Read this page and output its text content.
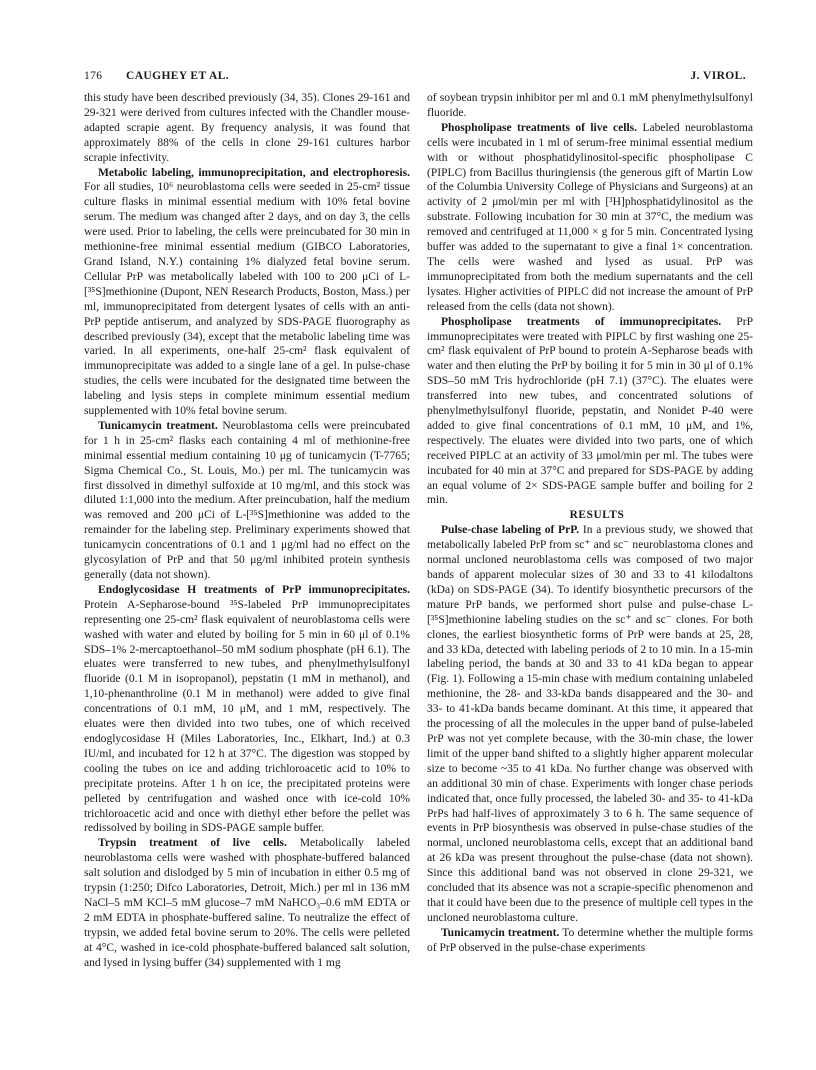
176 CAUGHEY ET AL.	J. VIROL.

this study have been described previously (34, 35). Clones 29-161 and 29-321 were derived from cultures infected with the Chandler mouse-adapted scrapie agent. By frequency analysis, it was found that approximately 88% of the cells in clone 29-161 cultures harbor scrapie infectivity.

Metabolic labeling, immunoprecipitation, and electrophoresis. For all studies, 10⁶ neuroblastoma cells were seeded in 25-cm² tissue culture flasks in minimal essential medium with 10% fetal bovine serum. The medium was changed after 2 days, and on day 3, the cells were used. Prior to labeling, the cells were preincubated for 30 min in methionine-free minimal essential medium (GIBCO Laboratories, Grand Island, N.Y.) containing 1% dialyzed fetal bovine serum. Cellular PrP was metabolically labeled with 100 to 200 μCi of L-[³⁵S]methionine (Dupont, NEN Research Products, Boston, Mass.) per ml, immunoprecipitated from detergent lysates of cells with an anti-PrP peptide antiserum, and analyzed by SDS-PAGE fluorography as described previously (34), except that the metabolic labeling time was varied. In all experiments, one-half 25-cm² flask equivalent of immunoprecipitate was added to a single lane of a gel. In pulse-chase studies, the cells were incubated for the designated time between the labeling and lysis steps in complete minimum essential medium supplemented with 10% fetal bovine serum.

Tunicamycin treatment. Neuroblastoma cells were preincubated for 1 h in 25-cm² flasks each containing 4 ml of methionine-free minimal essential medium containing 10 μg of tunicamycin (T-7765; Sigma Chemical Co., St. Louis, Mo.) per ml. The tunicamycin was first dissolved in dimethyl sulfoxide at 10 mg/ml, and this stock was diluted 1:1,000 into the medium. After preincubation, half the medium was removed and 200 μCi of L-[³⁵S]methionine was added to the remainder for the labeling step. Preliminary experiments showed that tunicamycin concentrations of 0.1 and 1 μg/ml had no effect on the glycosylation of PrP and that 50 μg/ml inhibited protein synthesis generally (data not shown).

Endoglycosidase H treatments of PrP immunoprecipitates. Protein A-Sepharose-bound ³⁵S-labeled PrP immunoprecipitates representing one 25-cm² flask equivalent of neuroblastoma cells were washed with water and eluted by boiling for 5 min in 60 μl of 0.1% SDS–1% 2-mercaptoethanol–50 mM sodium phosphate (pH 6.1). The eluates were transferred to new tubes, and phenylmethylsulfonyl fluoride (0.1 M in isopropanol), pepstatin (1 mM in methanol), and 1,10-phenanthroline (0.1 M in methanol) were added to give final concentrations of 0.1 mM, 10 μM, and 1 mM, respectively. The eluates were then divided into two tubes, one of which received endoglycosidase H (Miles Laboratories, Inc., Elkhart, Ind.) at 0.3 IU/ml, and incubated for 12 h at 37°C. The digestion was stopped by cooling the tubes on ice and adding trichloroacetic acid to 10% to precipitate proteins. After 1 h on ice, the precipitated proteins were pelleted by centrifugation and washed once with ice-cold 10% trichloroacetic acid and once with diethyl ether before the pellet was redissolved by boiling in SDS-PAGE sample buffer.

Trypsin treatment of live cells. Metabolically labeled neuroblastoma cells were washed with phosphate-buffered balanced salt solution and dislodged by 5 min of incubation in either 0.5 mg of trypsin (1:250; Difco Laboratories, Detroit, Mich.) per ml in 136 mM NaCl–5 mM KCl–5 mM glucose–7 mM NaHCO₃–0.6 mM EDTA or 2 mM EDTA in phosphate-buffered saline. To neutralize the effect of trypsin, we added fetal bovine serum to 20%. The cells were pelleted at 4°C, washed in ice-cold phosphate-buffered balanced salt solution, and lysed in lysing buffer (34) supplemented with 1 mg

of soybean trypsin inhibitor per ml and 0.1 mM phenylmethylsulfonyl fluoride.

Phospholipase treatments of live cells. Labeled neuroblastoma cells were incubated in 1 ml of serum-free minimal essential medium with or without phosphatidylinositol-specific phospholipase C (PIPLC) from Bacillus thuringiensis (the generous gift of Martin Low of the Columbia University College of Physicians and Surgeons) at an activity of 2 μmol/min per ml with [³H]phosphatidylinositol as the substrate. Following incubation for 30 min at 37°C, the medium was removed and centrifuged at 11,000 × g for 5 min. Concentrated lysing buffer was added to the supernatant to give a final 1× concentration. The cells were washed and lysed as usual. PrP was immunoprecipitated from both the medium supernatants and the cell lysates. Higher activities of PIPLC did not increase the amount of PrP released from the cells (data not shown).

Phospholipase treatments of immunoprecipitates. PrP immunoprecipitates were treated with PIPLC by first washing one 25-cm² flask equivalent of PrP bound to protein A-Sepharose beads with water and then eluting the PrP by boiling it for 5 min in 30 μl of 0.1% SDS–50 mM Tris hydrochloride (pH 7.1) (37°C). The eluates were transferred into new tubes, and concentrated solutions of phenylmethylsulfonyl fluoride, pepstatin, and Nonidet P-40 were added to give final concentrations of 0.1 mM, 10 μM, and 1%, respectively. The eluates were divided into two parts, one of which received PIPLC at an activity of 33 μmol/min per ml. The tubes were incubated for 40 min at 37°C and prepared for SDS-PAGE by adding an equal volume of 2× SDS-PAGE sample buffer and boiling for 2 min.

RESULTS

Pulse-chase labeling of PrP. In a previous study, we showed that metabolically labeled PrP from sc⁺ and sc⁻ neuroblastoma clones and normal uncloned neuroblastoma cells was composed of two major bands of apparent molecular sizes of 30 and 33 to 41 kilodaltons (kDa) on SDS-PAGE (34). To identify biosynthetic precursors of the mature PrP bands, we performed short pulse and pulse-chase L-[³⁵S]methionine labeling studies on the sc⁺ and sc⁻ clones. For both clones, the earliest biosynthetic forms of PrP were bands at 25, 28, and 33 kDa, detected with labeling periods of 2 to 10 min. In a 15-min labeling period, the bands at 30 and 33 to 41 kDa began to appear (Fig. 1). Following a 15-min chase with medium containing unlabeled methionine, the 28- and 33-kDa bands disappeared and the 30- and 33- to 41-kDa bands became dominant. At this time, it appeared that the processing of all the molecules in the upper band of pulse-labeled PrP was not yet complete because, with the 30-min chase, the lower limit of the upper band shifted to a slightly higher apparent molecular size to become ~35 to 41 kDa. No further change was observed with an additional 30 min of chase. Experiments with longer chase periods indicated that, once fully processed, the labeled 30- and 35- to 41-kDa PrPs had half-lives of approximately 3 to 6 h. The same sequence of events in PrP biosynthesis was observed in pulse-chase studies of the normal, uncloned neuroblastoma cells, except that an additional band at 26 kDa was present throughout the pulse-chase (data not shown). Since this additional band was not observed in clone 29-321, we concluded that its absence was not a scrapie-specific phenomenon and that it could have been due to the presence of multiple cell types in the uncloned neuroblastoma culture.

Tunicamycin treatment. To determine whether the multiple forms of PrP observed in the pulse-chase experiments
